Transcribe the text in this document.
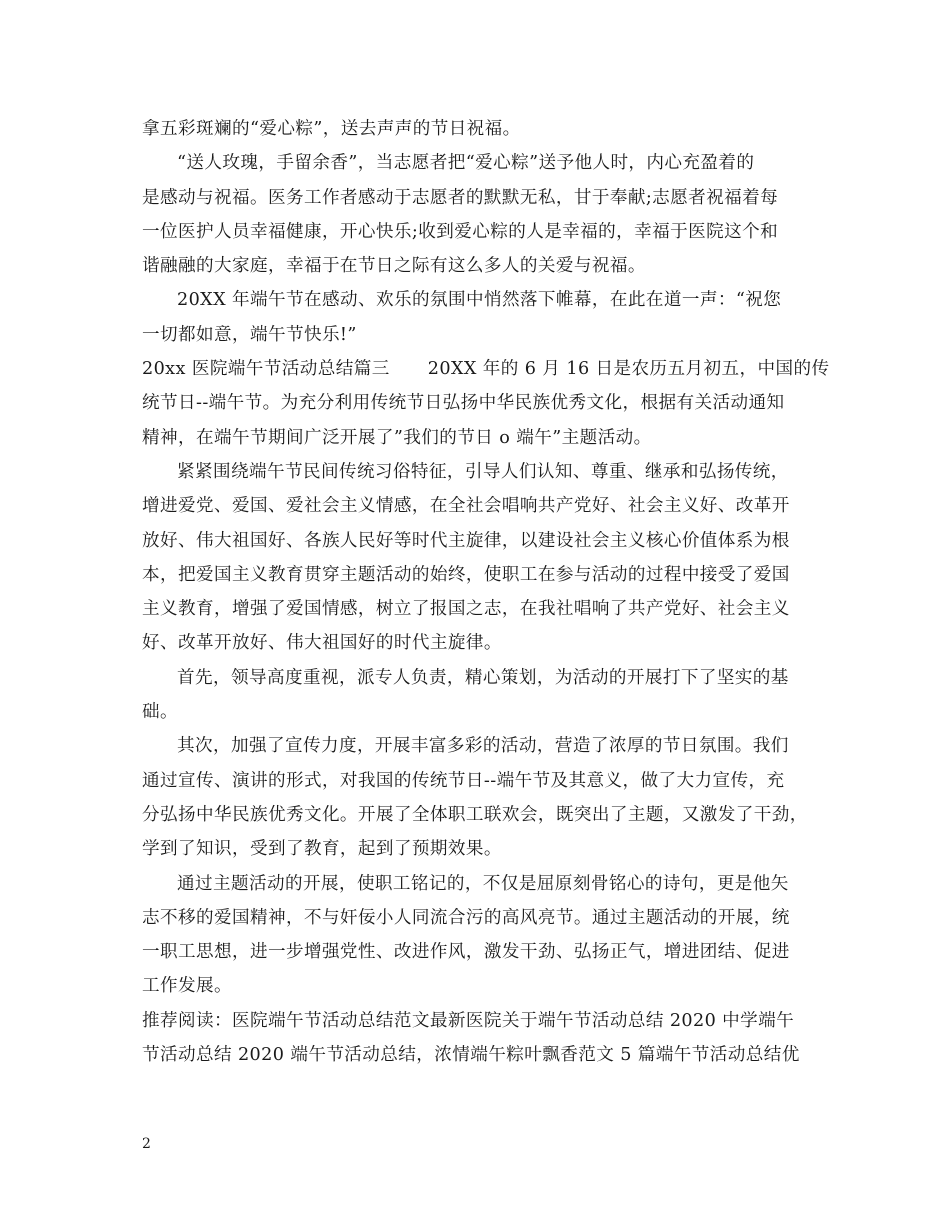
拿五彩斑斓的“爱心粽”，送去声声的节日祝福。
“送人玫瑰，手留余香”，当志愿者把“爱心粽”送予他人时，内心充盈着的
是感动与祝福。医务工作者感动于志愿者的默默无私，甘于奉献;志愿者祝福着每
一位医护人员幸福健康，开心快乐;收到爱心粽的人是幸福的，幸福于医院这个和
谐融融的大家庭，幸福于在节日之际有这么多人的关爱与祝福。
20XX 年端午节在感动、欢乐的氛围中悄然落下帷幕，在此在道一声：“祝您
一切都如意，端午节快乐!”
20xx 医院端午节活动总结篇三 20XX 年的 6 月 16 日是农历五月初五，中国的传
统节日--端午节。为充分利用传统节日弘扬中华民族优秀文化，根据有关活动通知
精神，在端午节期间广泛开展了”我们的节日 o 端午”主题活动。
紧紧围绕端午节民间传统习俗特征，引导人们认知、尊重、继承和弘扬传统，
增进爱党、爱国、爱社会主义情感，在全社会唱响共产党好、社会主义好、改革开
放好、伟大祖国好、各族人民好等时代主旋律，以建设社会主义核心价值体系为根
本，把爱国主义教育贯穿主题活动的始终，使职工在参与活动的过程中接受了爱国
主义教育，增强了爱国情感，树立了报国之志，在我社唱响了共产党好、社会主义
好、改革开放好、伟大祖国好的时代主旋律。
首先，领导高度重视，派专人负责，精心策划，为活动的开展打下了坚实的基
础。
其次，加强了宣传力度，开展丰富多彩的活动，营造了浓厚的节日氛围。我们
通过宣传、演讲的形式，对我国的传统节日--端午节及其意义，做了大力宣传，充
分弘扬中华民族优秀文化。开展了全体职工联欢会，既突出了主题，又激发了干劲，
学到了知识，受到了教育，起到了预期效果。
通过主题活动的开展，使职工铭记的，不仅是屈原刻骨铭心的诗句，更是他矢
志不移的爱国精神，不与奸佞小人同流合污的高风亮节。通过主题活动的开展，统
一职工思想，进一步增强党性、改进作风，激发干劲、弘扬正气，增进团结、促进
工作发展。
推荐阅读：医院端午节活动总结范文最新医院关于端午节活动总结 2020 中学端午
节活动总结 2020 端午节活动总结，浓情端午粽叶飘香范文 5 篇端午节活动总结优
2
